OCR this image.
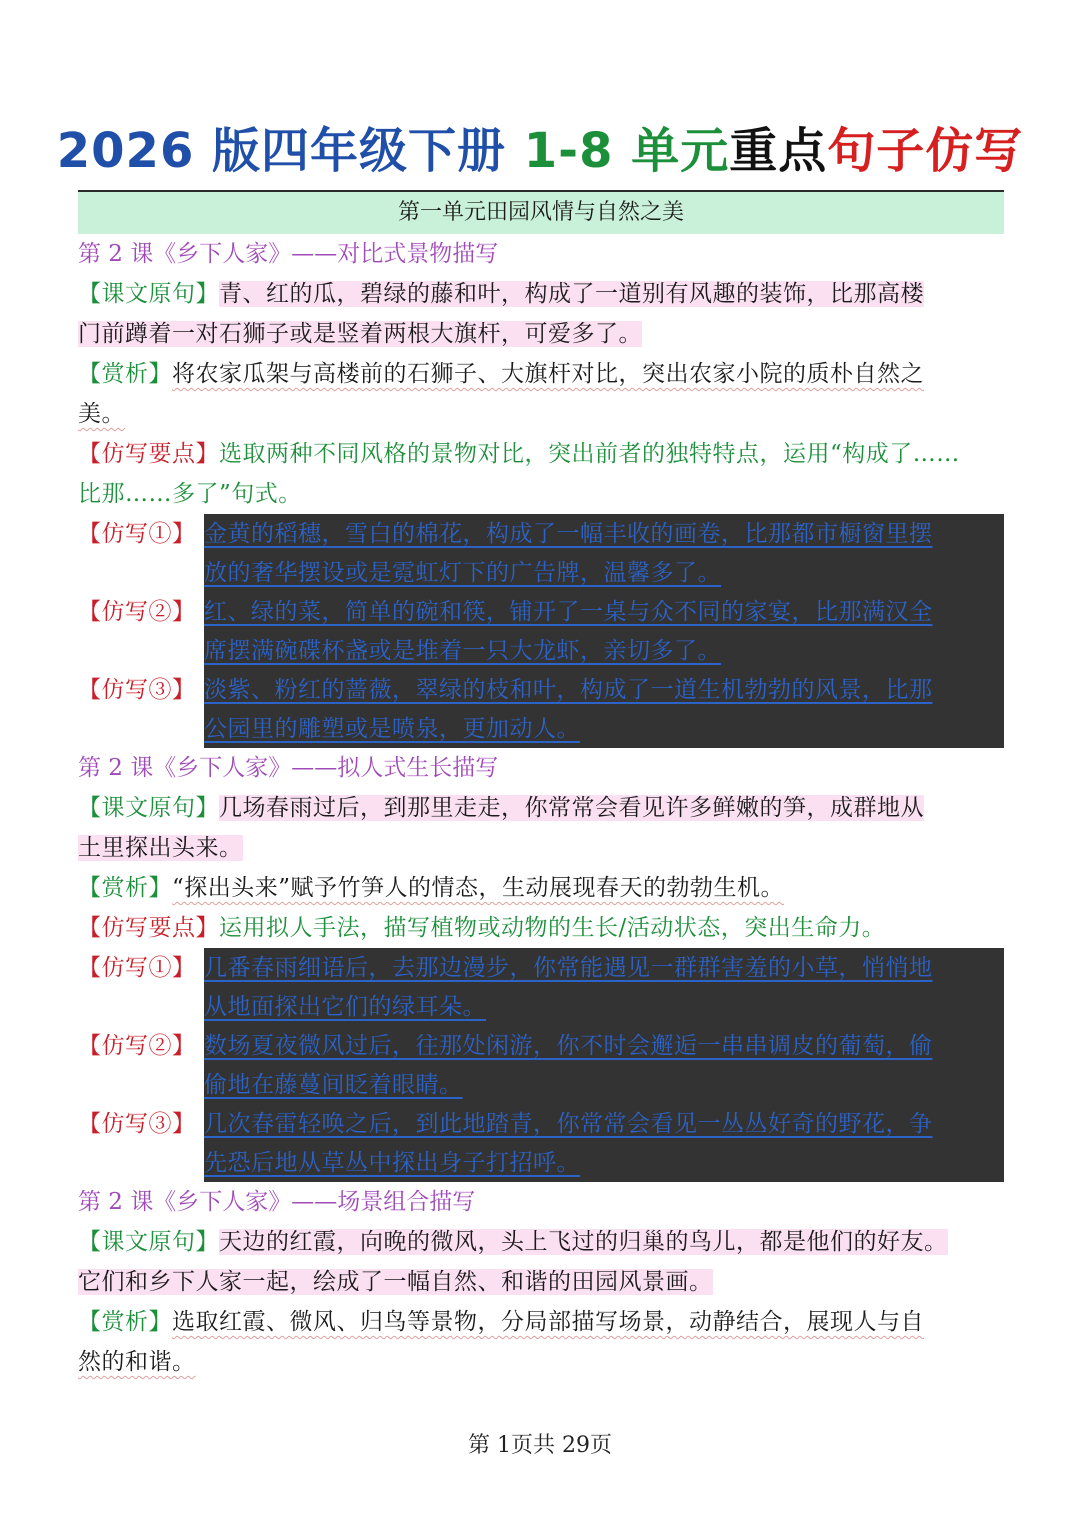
2026 版四年级下册 1-8 单元重点句子仿写
第一单元田园风情与自然之美
第 2 课《乡下人家》——对比式景物描写
【课文原句】青、红的瓜，碧绿的藤和叶，构成了一道别有风趣的装饰，比那高楼
门前蹲着一对石狮子或是竖着两根大旗杆，可爱多了。
【赏析】将农家瓜架与高楼前的石狮子、大旗杆对比，突出农家小院的质朴自然之
美。
【仿写要点】选取两种不同风格的景物对比，突出前者的独特特点，运用“构成了……
比那……多了”句式。
【仿写①】 金黄的稻穗，雪白的棉花，构成了一幅丰收的画卷，比那都市橱窗里摆
放的奢华摆设或是霓虹灯下的广告牌，温馨多了。
【仿写②】 红、绿的菜，简单的碗和筷，铺开了一桌与众不同的家宴，比那满汉全
席摆满碗碟杯盏或是堆着一只大龙虾，亲切多了。
【仿写③】 淡紫、粉红的蔷薇，翠绿的枝和叶，构成了一道生机勃勃的风景，比那
公园里的雕塑或是喷泉，更加动人。
第 2 课《乡下人家》——拟人式生长描写
【课文原句】几场春雨过后，到那里走走，你常常会看见许多鲜嫩的笋，成群地从
土里探出头来。
【赏析】“探出头来”赋予竹笋人的情态，生动展现春天的勃勃生机。
【仿写要点】运用拟人手法，描写植物或动物的生长/活动状态，突出生命力。
【仿写①】 几番春雨细语后，去那边漫步，你常能遇见一群群害羞的小草，悄悄地
从地面探出它们的绿耳朵。
【仿写②】 数场夏夜微风过后，往那处闲游，你不时会邂逅一串串调皮的葡萄，偷
偷地在藤蔓间眨着眼睛。
【仿写③】 几次春雷轻唤之后，到此地踏青，你常常会看见一丛丛好奇的野花，争
先恐后地从草丛中探出身子打招呼。
第 2 课《乡下人家》——场景组合描写
【课文原句】天边的红霞，向晚的微风，头上飞过的归巢的鸟儿，都是他们的好友。
它们和乡下人家一起，绘成了一幅自然、和谐的田园风景画。
【赏析】选取红霞、微风、归鸟等景物，分局部描写场景，动静结合，展现人与自
然的和谐。
第 1页共 29页
